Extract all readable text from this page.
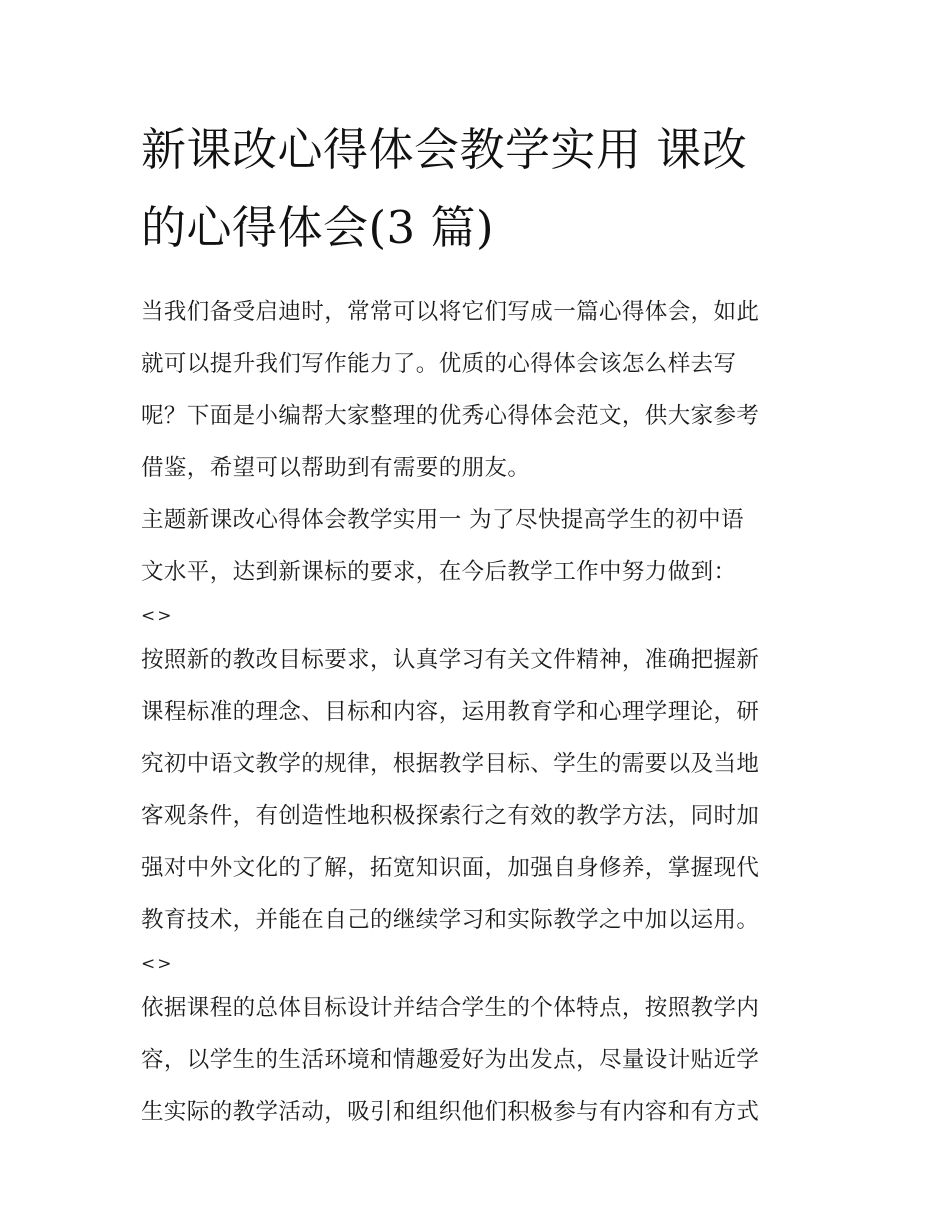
新课改心得体会教学实用 课改
的心得体会(3 篇)
当我们备受启迪时，常常可以将它们写成一篇心得体会，如此
就可以提升我们写作能力了。优质的心得体会该怎么样去写
呢？下面是小编帮大家整理的优秀心得体会范文，供大家参考
借鉴，希望可以帮助到有需要的朋友。
主题新课改心得体会教学实用一 为了尽快提高学生的初中语
文水平，达到新课标的要求，在今后教学工作中努力做到：
<>
按照新的教改目标要求，认真学习有关文件精神，准确把握新
课程标准的理念、目标和内容，运用教育学和心理学理论，研
究初中语文教学的规律，根据教学目标、学生的需要以及当地
客观条件，有创造性地积极探索行之有效的教学方法，同时加
强对中外文化的了解，拓宽知识面，加强自身修养，掌握现代
教育技术，并能在自己的继续学习和实际教学之中加以运用。
<>
依据课程的总体目标设计并结合学生的个体特点，按照教学内
容，以学生的生活环境和情趣爱好为出发点，尽量设计贴近学
生实际的教学活动，吸引和组织他们积极参与有内容和有方式
